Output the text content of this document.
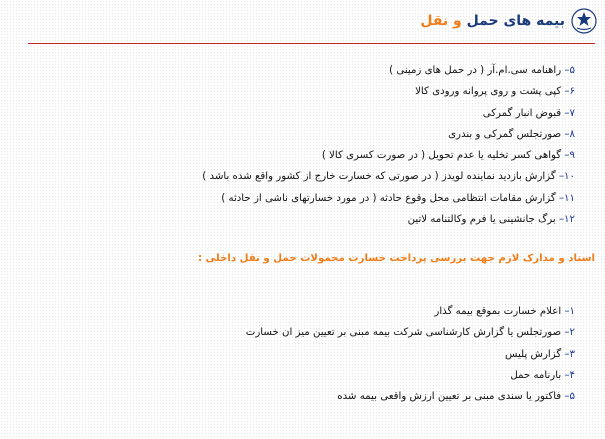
بیمه های حمل و نقل
۵– راهنامه سی.ام.آر ( در حمل های زمینی )
۶– کپی پشت و روی پروانه ورودی کالا
۷– قبوض انبار گمرکی
۸– صورتجلس گمرکی و بندری
۹– گواهی کسر تخلیه یا عدم تحویل ( در صورت کسری کالا )
۱۰– گزارش بازدید نماینده لویدز ( در صورتی که خسارت خارج از کشور واقع شده باشد )
۱۱– گزارش مقامات انتظامی محل وقوع حادثه ( در مورد خسارتهای ناشی از حادثه )
۱۲– برگ جانشینی یا فرم وکالتنامه لاتین
اسناد و مدارک لازم جهت بررسی پرداخت خسارت محمولات حمل و نقل داخلی :
۱– اعلام خسارت بموقع بیمه گذار
۲– صورتجلس یا گزارش کارشناسی شرکت بیمه مبنی بر تعیین میز ان خسارت
۳– گزارش پلیس
۴– بارنامه حمل
۵– فاکتور یا سندی مبنی بر تعیین ارزش واقعی بیمه شده
